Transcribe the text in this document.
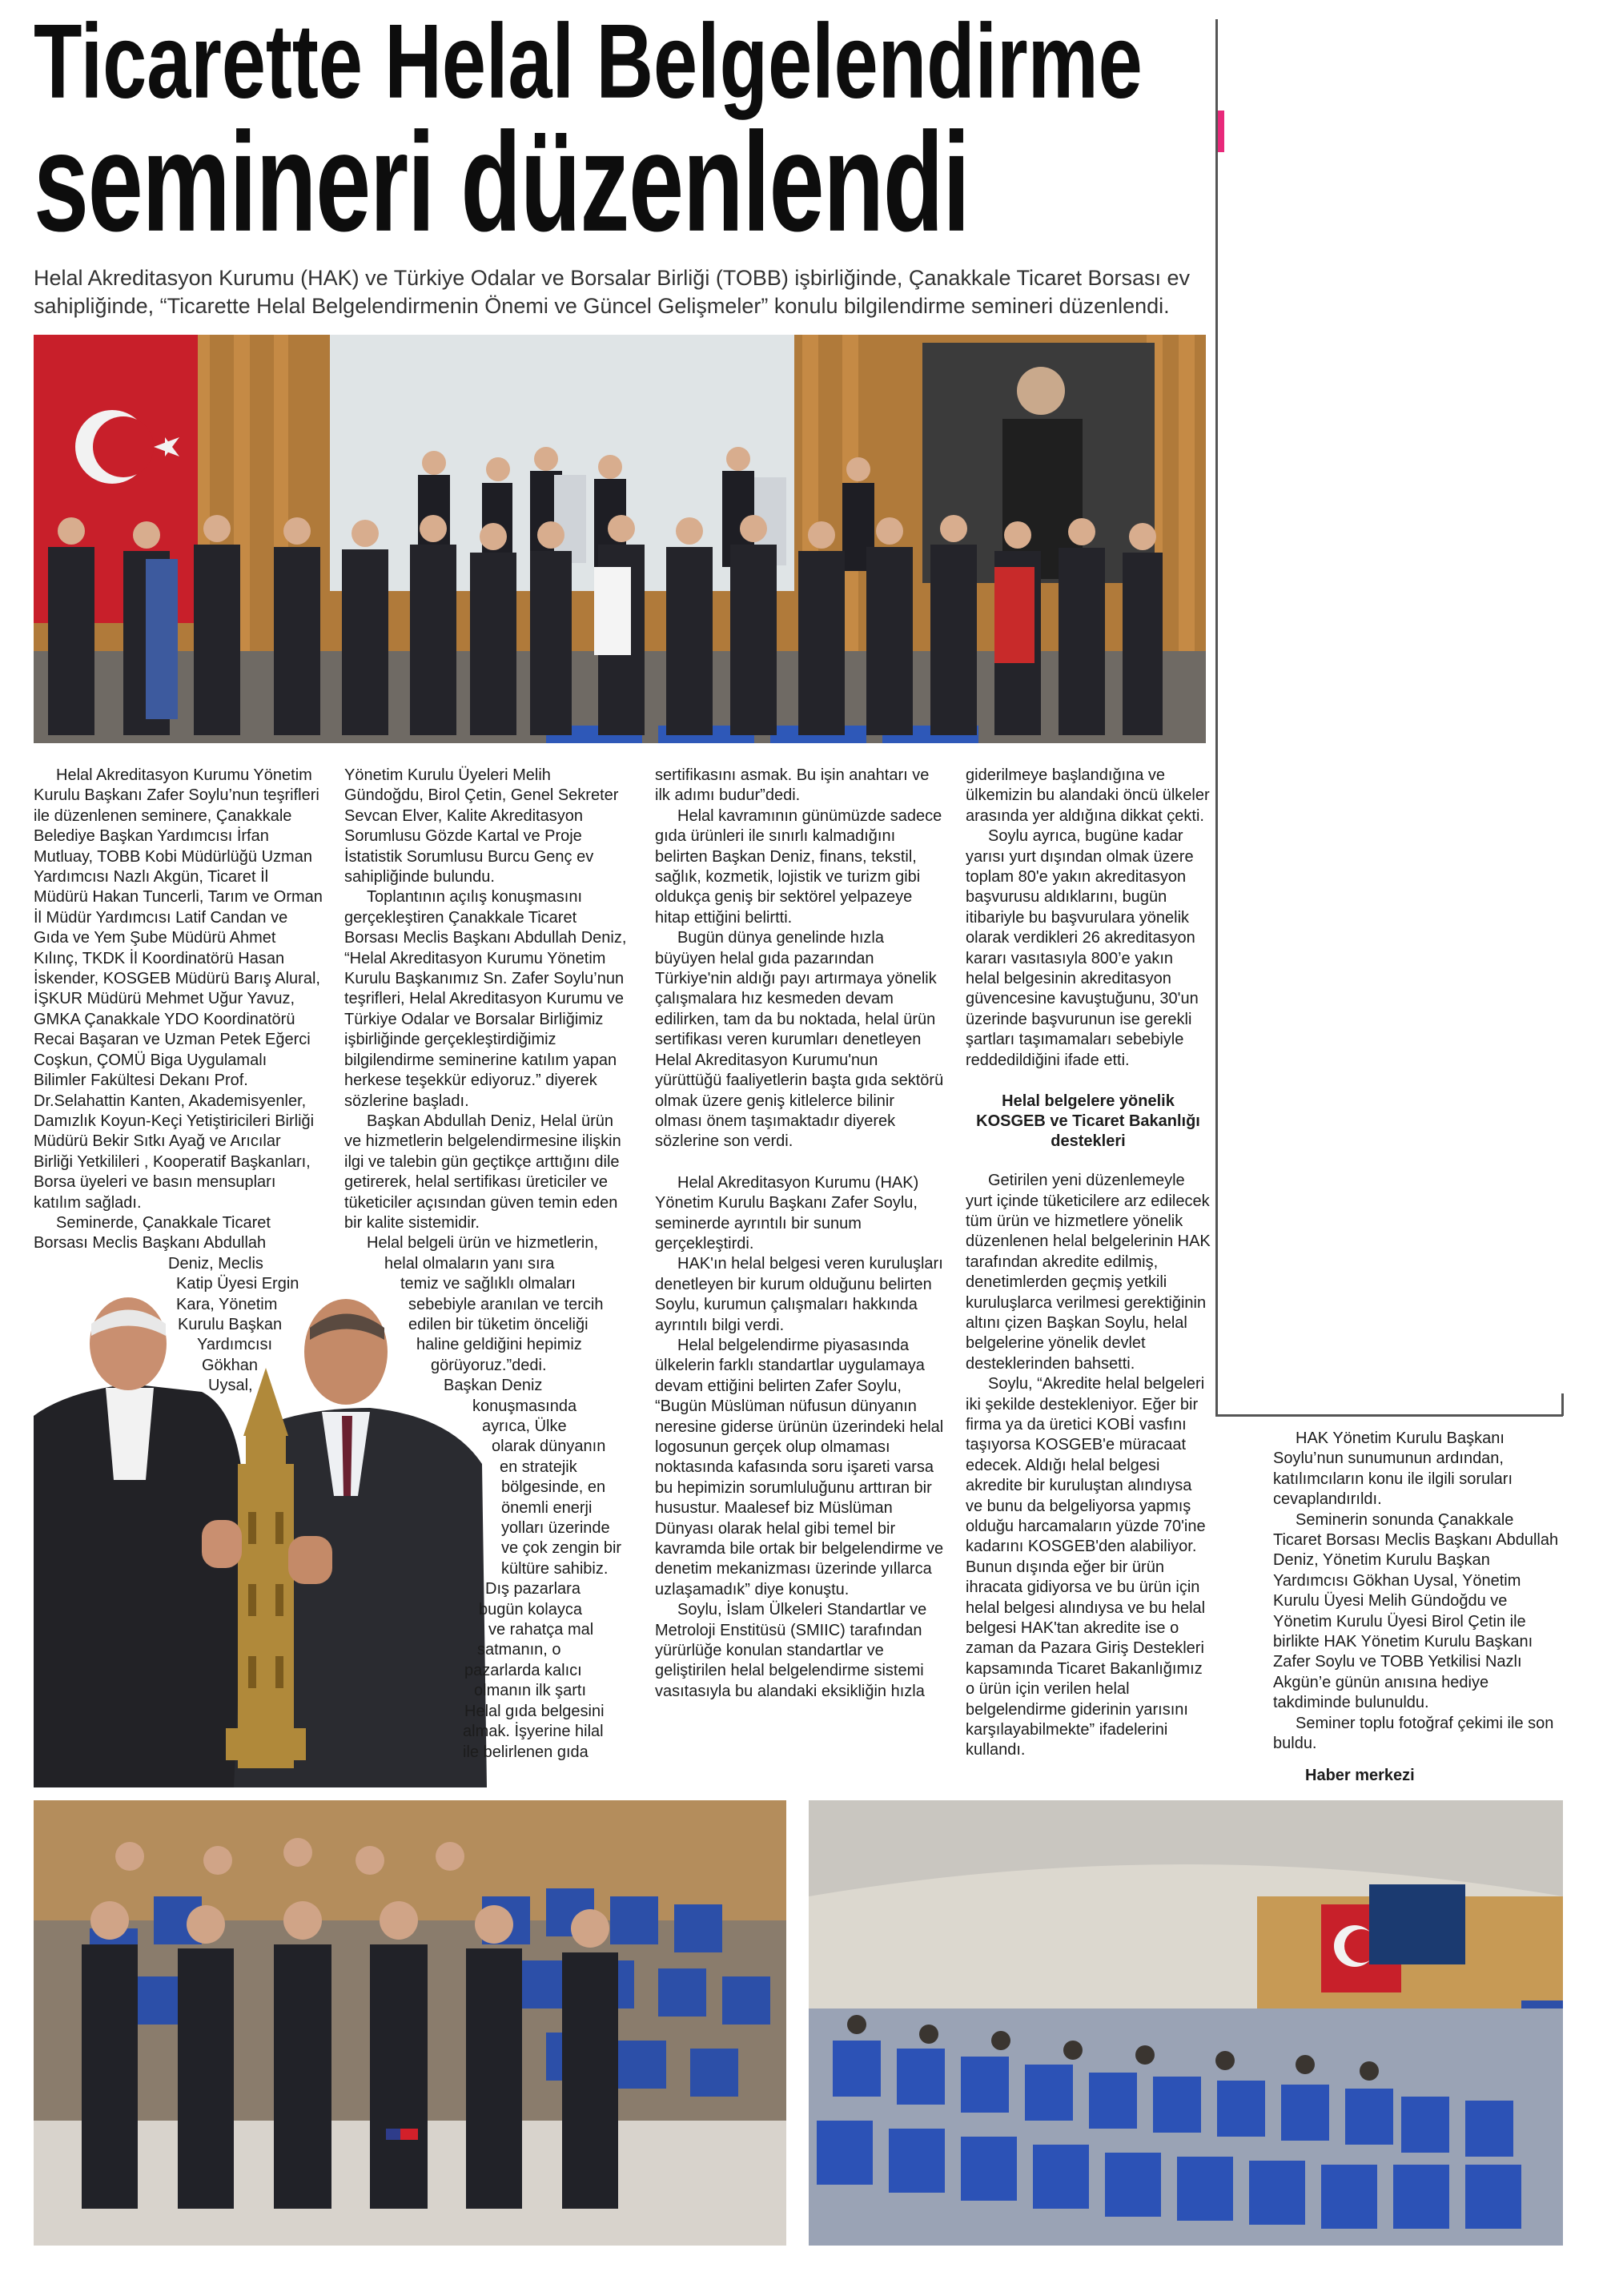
Ticarette Helal Belgelendirme
semineri düzenlendi

Helal Akreditasyon Kurumu (HAK) ve Türkiye Odalar ve Borsalar Birliği (TOBB) işbirliğinde, Çanakkale Ticaret Borsası ev sahipliğinde, “Ticarette Helal Belgelendirmenin Önemi ve Güncel Gelişmeler” konulu bilgilendirme semineri düzenlendi.

Helal Akreditasyon Kurumu Yönetim Kurulu Başkanı Zafer Soylu’nun teşrifleri ile düzenlenen seminere, Çanakkale Belediye Başkan Yardımcısı İrfan Mutluay, TOBB Kobi Müdürlüğü Uzman Yardımcısı Nazlı Akgün, Ticaret İl Müdürü Hakan Tuncerli, Tarım ve Orman İl Müdür Yardımcısı Latif Candan ve Gıda ve Yem Şube Müdürü Ahmet Kılınç, TKDK İl Koordinatörü Hasan İskender, KOSGEB Müdürü Barış Alural, İŞKUR Müdürü Mehmet Uğur Yavuz, GMKA Çanakkale YDO Koordinatörü Recai Başaran ve Uzman Petek Eğerci Coşkun, ÇOMÜ Biga Uygulamalı Bilimler Fakültesi Dekanı Prof. Dr.Selahattin Kanten, Akademisyenler, Damızlık Koyun-Keçi Yetiştiricileri Birliği Müdürü Bekir Sıtkı Ayağ ve Arıcılar Birliği Yetkilileri , Kooperatif Başkanları, Borsa üyeleri ve basın mensupları katılım sağladı.

Seminerde, Çanakkale Ticaret
Borsası Meclis Başkanı Abdullah

Deniz, Meclis
Katip Üyesi Ergin
Kara, Yönetim
Kurulu Başkan
Yardımcısı
Gökhan
Uysal,

Yönetim Kurulu Üyeleri Melih Gündoğdu, Birol Çetin, Genel Sekreter Sevcan Elver, Kalite Akreditasyon Sorumlusu Gözde Kartal ve Proje İstatistik Sorumlusu Burcu Genç ev sahipliğinde bulundu.

Toplantının açılış konuşmasını gerçekleştiren Çanakkale Ticaret Borsası Meclis Başkanı Abdullah Deniz, “Helal Akreditasyon Kurumu Yönetim Kurulu Başkanımız Sn. Zafer Soylu’nun teşrifleri, Helal Akreditasyon Kurumu ve Türkiye Odalar ve Borsalar Birliğimiz işbirliğinde gerçekleştirdiğimiz bilgilendirme seminerine katılım yapan herkese teşekkür ediyoruz.” diyerek sözlerine başladı.

Başkan Abdullah Deniz, Helal ürün ve hizmetlerin belgelendirmesine ilişkin ilgi ve talebin gün geçtikçe arttığını dile getirerek, helal sertifikası üreticiler ve tüketiciler açısından güven temin eden bir kalite sistemidir.

Helal belgeli ürün ve hizmetlerin,
helal olmaların yanı sıra
temiz ve sağlıklı olmaları
sebebiyle aranılan ve tercih
edilen bir tüketim önceliği
haline geldiğini hepimiz
görüyoruz.”dedi.
Başkan Deniz
konuşmasında
ayrıca, Ülke
olarak dünyanın
en stratejik
bölgesinde, en
önemli enerji
yolları üzerinde
ve çok zengin bir
kültüre sahibiz.
Dış pazarlara
bugün kolayca
ve rahatça mal
satmanın, o
pazarlarda kalıcı
olmanın ilk şartı
Helal gıda belgesini
almak. İşyerine hilal
ile belirlenen gıda

sertifikasını asmak. Bu işin anahtarı ve ilk adımı budur”dedi.

Helal kavramının günümüzde sadece gıda ürünleri ile sınırlı kalmadığını belirten Başkan Deniz, finans, tekstil, sağlık, kozmetik, lojistik ve turizm gibi oldukça geniş bir sektörel yelpazeye hitap ettiğini belirtti.

Bugün dünya genelinde hızla büyüyen helal gıda pazarından Türkiye'nin aldığı payı artırmaya yönelik çalışmalara hız kesmeden devam edilirken, tam da bu noktada, helal ürün sertifikası veren kurumları denetleyen Helal Akreditasyon Kurumu'nun yürüttüğü faaliyetlerin başta gıda sektörü olmak üzere geniş kitlelerce bilinir olması önem taşımaktadır diyerek sözlerine son verdi.

Helal Akreditasyon Kurumu (HAK) Yönetim Kurulu Başkanı Zafer Soylu, seminerde ayrıntılı bir sunum gerçekleştirdi.

HAK'ın helal belgesi veren kuruluşları denetleyen bir kurum olduğunu belirten Soylu, kurumun çalışmaları hakkında ayrıntılı bilgi verdi.

Helal belgelendirme piyasasında ülkelerin farklı standartlar uygulamaya devam ettiğini belirten Zafer Soylu, “Bugün Müslüman nüfusun dünyanın neresine giderse ürünün üzerindeki helal logosunun gerçek olup olmaması noktasında kafasında soru işareti varsa bu hepimizin sorumluluğunu arttıran bir husustur. Maalesef biz Müslüman Dünyası olarak helal gibi temel bir kavramda bile ortak bir belgelendirme ve denetim mekanizması üzerinde yıllarca uzlaşamadık” diye konuştu.

Soylu, İslam Ülkeleri Standartlar ve Metroloji Enstitüsü (SMIIC) tarafından yürürlüğe konulan standartlar ve geliştirilen helal belgelendirme sistemi vasıtasıyla bu alandaki eksikliğin hızla

giderilmeye başlandığına ve ülkemizin bu alandaki öncü ülkeler arasında yer aldığına dikkat çekti.

Soylu ayrıca, bugüne kadar yarısı yurt dışından olmak üzere toplam 80'e yakın akreditasyon başvurusu aldıklarını, bugün itibariyle bu başvurulara yönelik olarak verdikleri 26 akreditasyon kararı vasıtasıyla 800’e yakın helal belgesinin akreditasyon güvencesine kavuştuğunu, 30'un üzerinde başvurunun ise gerekli şartları taşımamaları sebebiyle reddedildiğini ifade etti.

Helal belgelere yönelik KOSGEB ve Ticaret Bakanlığı destekleri

Getirilen yeni düzenlemeyle yurt içinde tüketicilere arz edilecek tüm ürün ve hizmetlere yönelik düzenlenen helal belgelerinin HAK tarafından akredite edilmiş, denetimlerden geçmiş yetkili kuruluşlarca verilmesi gerektiğinin altını çizen Başkan Soylu, helal belgelerine yönelik devlet desteklerinden bahsetti.

Soylu, “Akredite helal belgeleri iki şekilde destekleniyor. Eğer bir firma ya da üretici KOBİ vasfını taşıyorsa KOSGEB'e müracaat edecek. Aldığı helal belgesi akredite bir kuruluştan alındıysa ve bunu da belgeliyorsa yapmış olduğu harcamaların yüzde 70'ine kadarını KOSGEB'den alabiliyor. Bunun dışında eğer bir ürün ihracata gidiyorsa ve bu ürün için helal belgesi alındıysa ve bu helal belgesi HAK'tan akredite ise o zaman da Pazara Giriş Destekleri kapsamında Ticaret Bakanlığımız o ürün için verilen helal belgelendirme giderinin yarısını karşılayabilmekte” ifadelerini kullandı.

HAK Yönetim Kurulu Başkanı Soylu’nun sunumunun ardından, katılımcıların konu ile ilgili soruları cevaplandırıldı.

Seminerin sonunda Çanakkale Ticaret Borsası Meclis Başkanı Abdullah Deniz, Yönetim Kurulu Başkan Yardımcısı Gökhan Uysal, Yönetim Kurulu Üyesi Melih Gündoğdu ve Yönetim Kurulu Üyesi Birol Çetin ile birlikte HAK Yönetim Kurulu Başkanı Zafer Soylu ve TOBB Yetkilisi Nazlı Akgün’e günün anısına hediye takdiminde bulunuldu.

Seminer toplu fotoğraf çekimi ile son buldu.

Haber merkezi
